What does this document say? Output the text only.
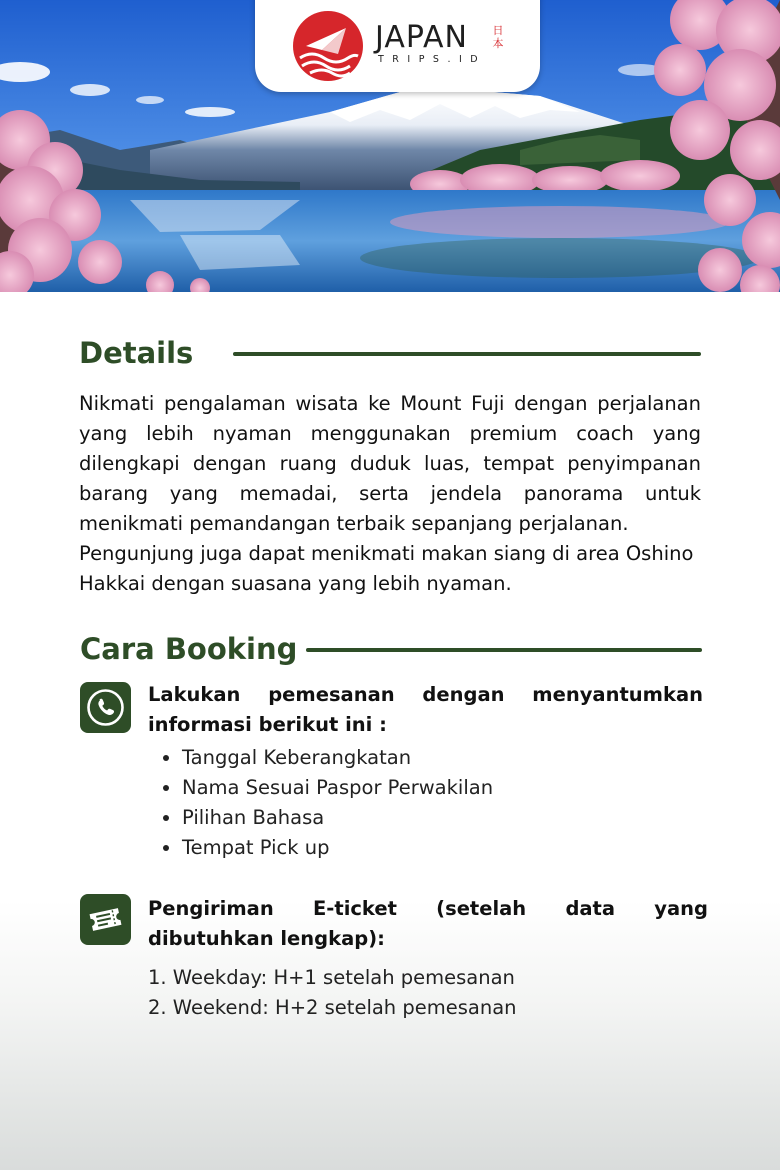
JAPAN
TRIPS.ID
日
本
Details

Nikmati pengalaman wisata ke Mount Fuji dengan perjalanan yang lebih nyaman menggunakan premium coach yang dilengkapi dengan ruang duduk luas, tempat penyimpanan barang yang memadai, serta jendela panorama untuk menikmati pemandangan terbaik sepanjang perjalanan.

Pengunjung juga dapat menikmati makan siang di area Oshino Hakkai dengan suasana yang lebih nyaman.

Cara Booking
Lakukan pemesanan dengan menyantumkan informasi berikut ini :
• Tanggal Keberangkatan
• Nama Sesuai Paspor Perwakilan
• Pilihan Bahasa
• Tempat Pick up
Pengiriman E-ticket (setelah data yang dibutuhkan lengkap):
1. Weekday: H+1 setelah pemesanan
2. Weekend: H+2 setelah pemesanan
